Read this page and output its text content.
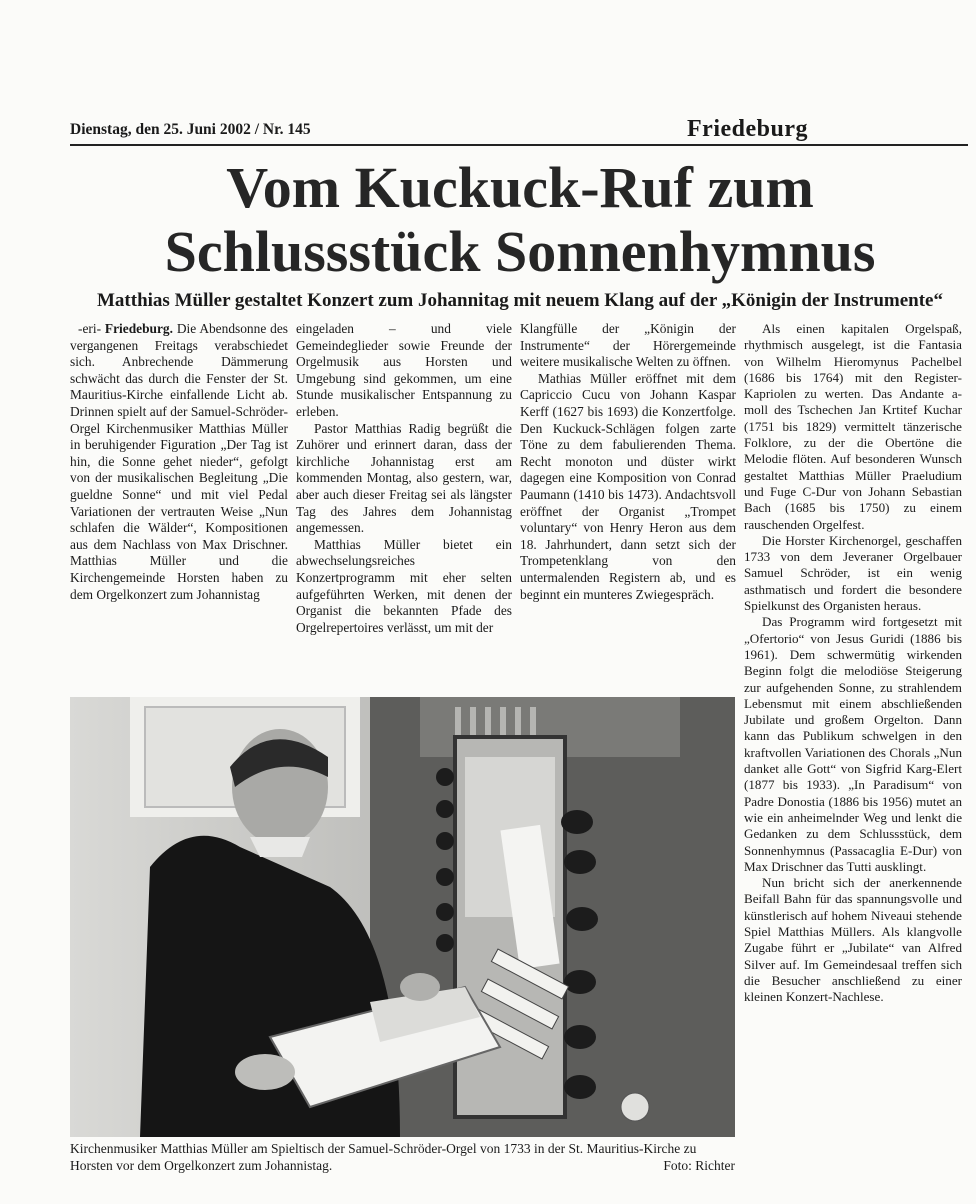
Dienstag, den 25. Juni 2002 / Nr. 145	Friedeburg
Vom Kuckuck-Ruf zum
Schlussstück Sonnenhymnus
Matthias Müller gestaltet Konzert zum Johannitag mit neuem Klang auf der „Königin der Instrumente“

-eri- Friedeburg. Die Abendsonne des vergangenen Freitags verabschiedet sich. Anbrechende Dämmerung schwächt das durch die Fenster der St. Mauritius-Kirche einfallende Licht ab. Drinnen spielt auf der Samuel-Schröder-Orgel Kirchenmusiker Matthias Müller in beruhigender Figuration „Der Tag ist hin, die Sonne gehet nieder“, gefolgt von der musikalischen Begleitung „Die gueldne Sonne“ und mit viel Pedal Variationen der vertrauten Weise „Nun schlafen die Wälder“, Kompositionen aus dem Nachlass von Max Drischner. Matthias Müller und die Kirchengemeinde Horsten haben zu dem Orgelkonzert zum Johannistag

eingeladen – und viele Gemeindeglieder sowie Freunde der Orgelmusik aus Horsten und Umgebung sind gekommen, um eine Stunde musikalischer Entspannung zu erleben.

Pastor Matthias Radig begrüßt die Zuhörer und erinnert daran, dass der kirchliche Johannistag erst am kommenden Montag, also gestern, war, aber auch dieser Freitag sei als längster Tag des Jahres dem Johannistag angemessen.

Matthias Müller bietet ein abwechselungsreiches Konzertprogramm mit eher selten aufgeführten Werken, mit denen der Organist die bekannten Pfade des Orgelrepertoires verlässt, um mit der

Klangfülle der „Königin der Instrumente“ der Hörergemeinde weitere musikalische Welten zu öffnen.

Mathias Müller eröffnet mit dem Capriccio Cucu von Johann Kaspar Kerff (1627 bis 1693) die Konzertfolge. Den Kuckuck-Schlägen folgen zarte Töne zu dem fabulierenden Thema. Recht monoton und düster wirkt dagegen eine Komposition von Conrad Paumann (1410 bis 1473). Andachtsvoll eröffnet der Organist „Trompet voluntary“ von Henry Heron aus dem 18. Jahrhundert, dann setzt sich der Trompetenklang von den untermalenden Registern ab, und es beginnt ein munteres Zwiegespräch.

Als einen kapitalen Orgelspaß, rhythmisch ausgelegt, ist die Fantasia von Wilhelm Hieromynus Pachelbel (1686 bis 1764) mit den Register-Kapriolen zu werten. Das Andante a-moll des Tschechen Jan Krtitef Kuchar (1751 bis 1829) vermittelt tänzerische Folklore, zu der die Obertöne die Melodie flöten. Auf besonderen Wunsch gestaltet Matthias Müller Praeludium und Fuge C-Dur von Johann Sebastian Bach (1685 bis 1750) zu einem rauschenden Orgelfest.

Die Horster Kirchenorgel, geschaffen 1733 von dem Jeveraner Orgelbauer Samuel Schröder, ist ein wenig asthmatisch und fordert die besondere Spielkunst des Organisten heraus.

Das Programm wird fortgesetzt mit „Ofertorio“ von Jesus Guridi (1886 bis 1961). Dem schwermütig wirkenden Beginn folgt die melodiöse Steigerung zur aufgehenden Sonne, zu strahlendem Lebensmut mit einem abschließenden Jubilate und großem Orgelton. Dann kann das Publikum schwelgen in den kraftvollen Variationen des Chorals „Nun danket alle Gott“ von Sigfrid Karg-Elert (1877 bis 1933). „In Paradisum“ von Padre Donostia (1886 bis 1956) mutet an wie ein anheimelnder Weg und lenkt die Gedanken zu dem Schlussstück, dem Sonnenhymnus (Passacaglia E-Dur) von Max Drischner das Tutti ausklingt.

Nun bricht sich der anerkennende Beifall Bahn für das spannungsvolle und künstlerisch auf hohem Niveaui stehende Spiel Matthias Müllers. Als klangvolle Zugabe führt er „Jubilate“ van Alfred Silver auf. Im Gemeindesaal treffen sich die Besucher anschließend zu einer kleinen Konzert-Nachlese.

Kirchenmusiker Matthias Müller am Spieltisch der Samuel-Schröder-Orgel von 1733 in der St. Mauritius-Kirche zu Horsten vor dem Orgelkonzert zum Johannistag.	Foto: Richter
